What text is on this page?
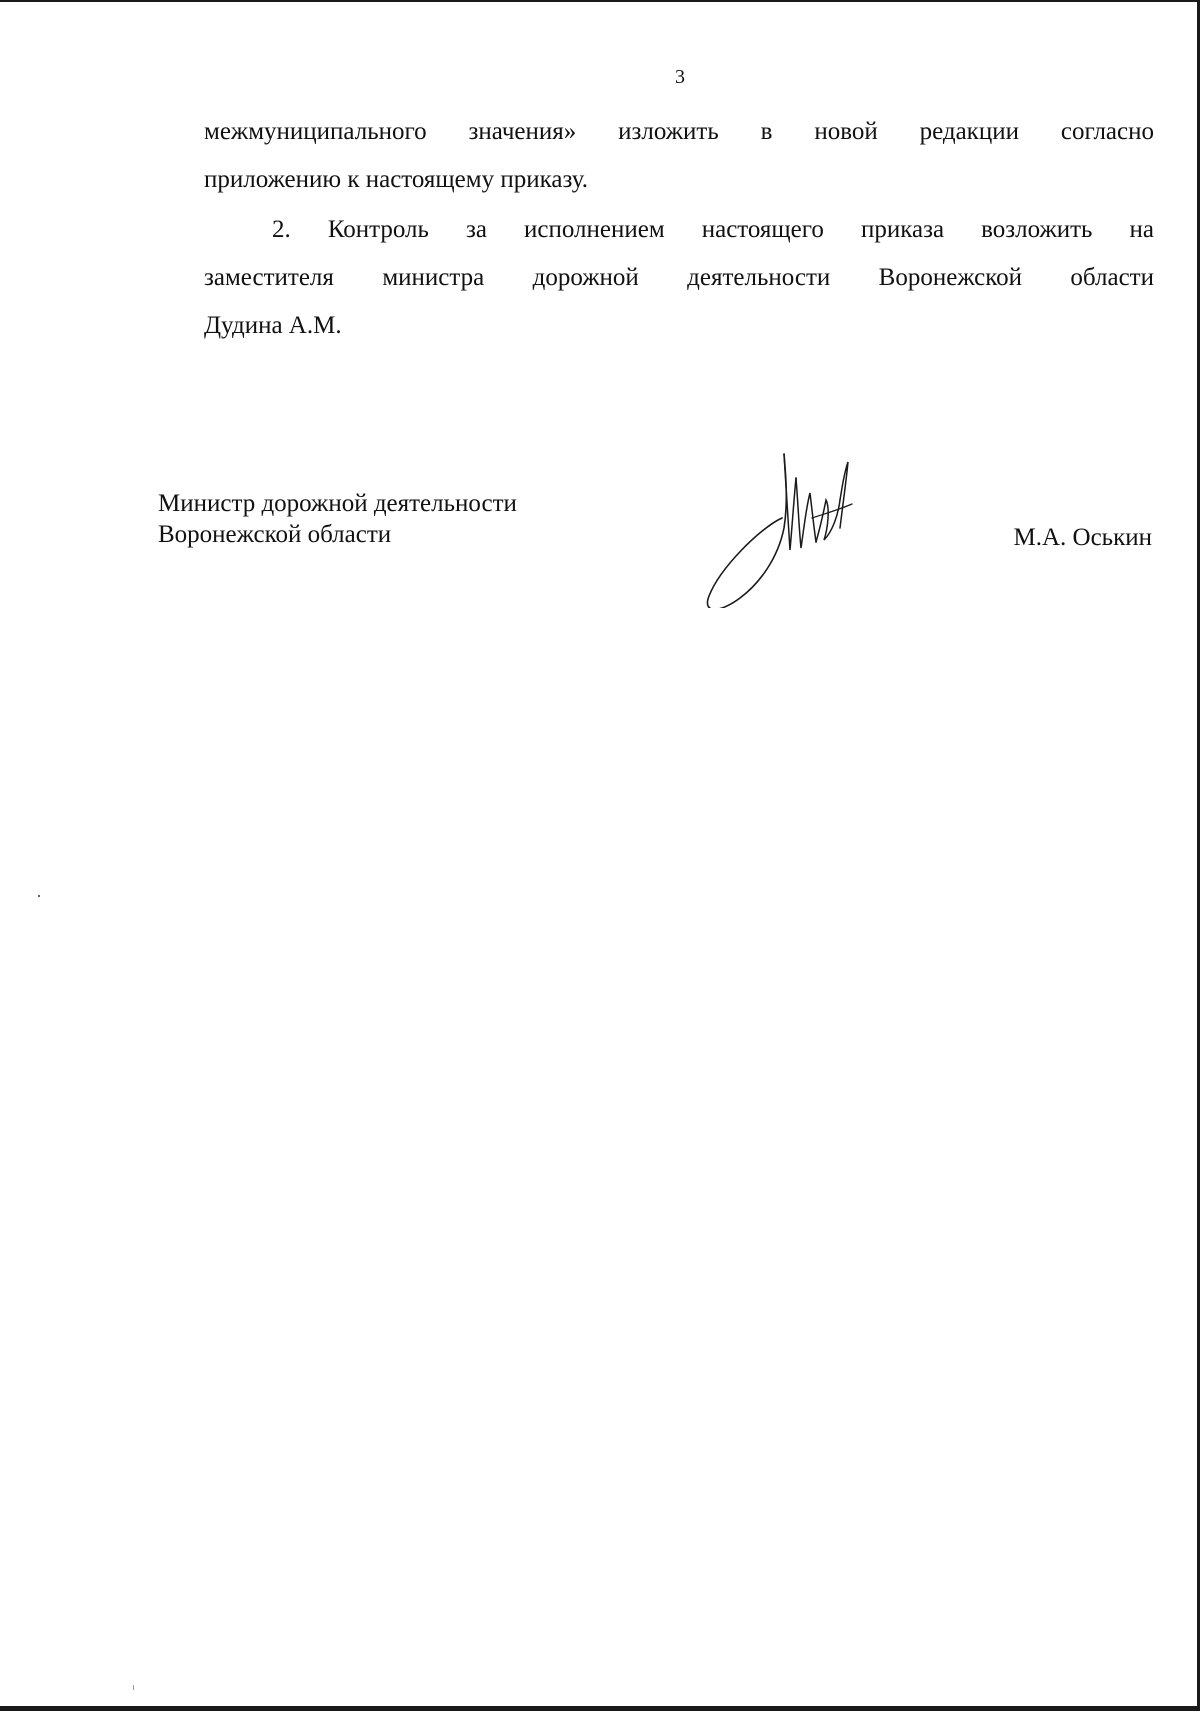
3
межмуниципального значения» изложить в новой редакции согласно
приложению к настоящему приказу.
2. Контроль за исполнением настоящего приказа возложить на
заместителя министра дорожной деятельности Воронежской области
Дудина А.М.
Министр дорожной деятельности
Воронежской области	М.А. Оськин
